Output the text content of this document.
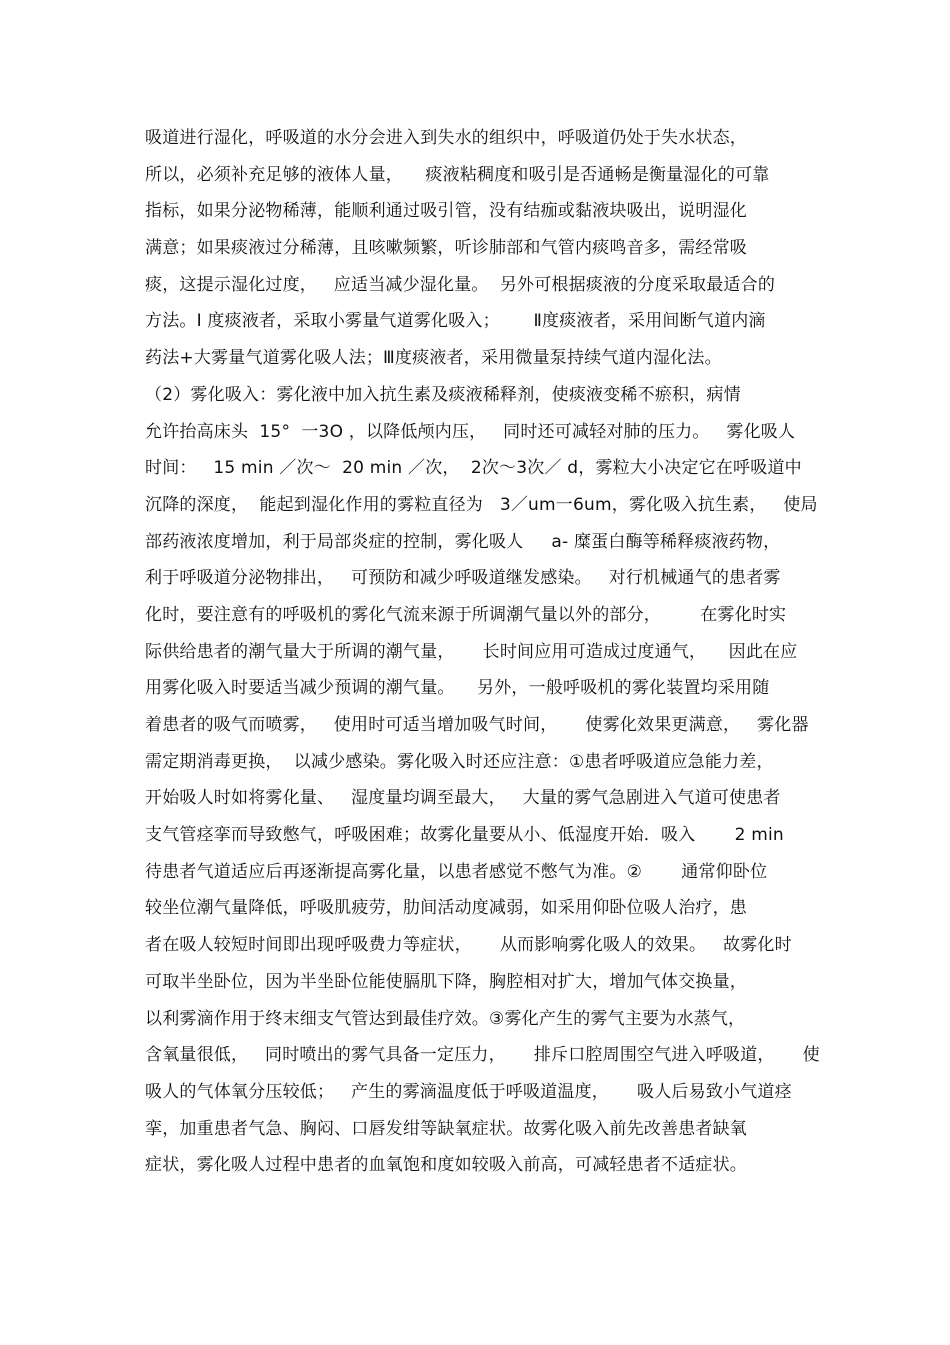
吸道进行湿化，呼吸道的水分会进入到失水的组织中，呼吸道仍处于失水状态，
所以，必须补充足够的液体人量，    痰液粘稠度和吸引是否通畅是衡量湿化的可靠
指标，如果分泌物稀薄，能顺利通过吸引管，没有结痂或黏液块吸出，说明湿化
满意；如果痰液过分稀薄，且咳嗽频繁，听诊肺部和气管内痰鸣音多，需经常吸
痰，这提示湿化过度，   应适当减少湿化量。  另外可根据痰液的分度采取最适合的
方法。I 度痰液者，采取小雾量气道雾化吸入；      Ⅱ度痰液者，采用间断气道内滴
药法+大雾量气道雾化吸人法；Ⅲ度痰液者，采用微量泵持续气道内湿化法。
（2）雾化吸入：雾化液中加入抗生素及痰液稀释剂，使痰液变稀不瘀积，病情
允许抬高床头  15°  一3O ，以降低颅内压，   同时还可减轻对肺的压力。   雾化吸人
时间：   15 min ／次～  20 min ／次，  2次～3次／ d，雾粒大小决定它在呼吸道中
沉降的深度，  能起到湿化作用的雾粒直径为   3／um一6um，雾化吸入抗生素，   使局
部药液浓度增加，利于局部炎症的控制，雾化吸人     a- 糜蛋白酶等稀释痰液药物，
利于呼吸道分泌物排出，   可预防和减少呼吸道继发感染。   对行机械通气的患者雾
化时，要注意有的呼吸机的雾化气流来源于所调潮气量以外的部分，       在雾化时实
际供给患者的潮气量大于所调的潮气量，     长时间应用可造成过度通气，    因此在应
用雾化吸入时要适当减少预调的潮气量。    另外，一般呼吸机的雾化装置均采用随
着患者的吸气而喷雾，   使用时可适当增加吸气时间，     使雾化效果更满意，   雾化器
需定期消毒更换，  以减少感染。雾化吸入时还应注意：①患者呼吸道应急能力差，
开始吸人时如将雾化量、   湿度量均调至最大，   大量的雾气急剧进入气道可使患者
支气管痉挛而导致憋气，呼吸困难；故雾化量要从小、低湿度开始．吸入       2 min
待患者气道适应后再逐渐提高雾化量，以患者感觉不憋气为准。②       通常仰卧位
较坐位潮气量降低，呼吸肌疲劳，肋间活动度减弱，如采用仰卧位吸人治疗，患
者在吸人较短时间即出现呼吸费力等症状，     从而影响雾化吸人的效果。   故雾化时
可取半坐卧位，因为半坐卧位能使膈肌下降，胸腔相对扩大，增加气体交换量，
以利雾滴作用于终末细支气管达到最佳疗效。③雾化产生的雾气主要为水蒸气，
含氧量很低，   同时喷出的雾气具备一定压力，     排斥口腔周围空气进入呼吸道，     使
吸人的气体氧分压较低；   产生的雾滴温度低于呼吸道温度，     吸人后易致小气道痉
挛，加重患者气急、胸闷、口唇发绀等缺氧症状。故雾化吸入前先改善患者缺氧
症状，雾化吸人过程中患者的血氧饱和度如较吸入前高，可减轻患者不适症状。
